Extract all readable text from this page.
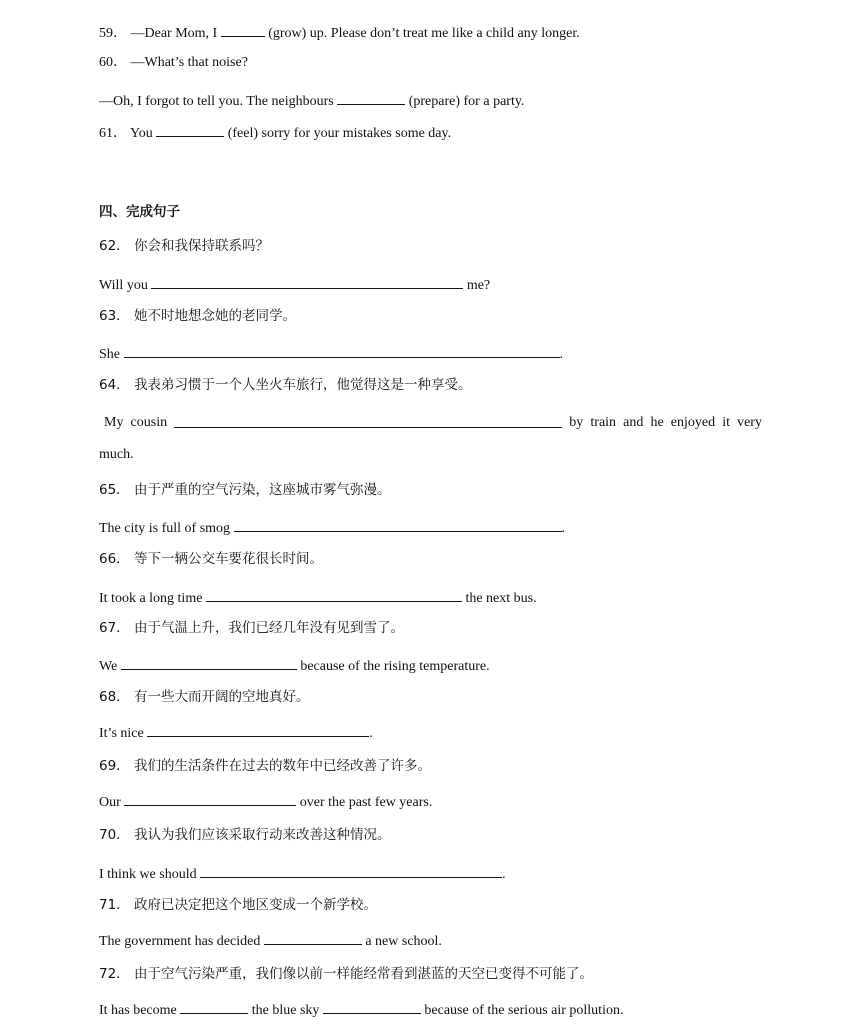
59． —Dear Mom, I	(grow) up. Please don’t treat me like a child any longer.
60． —What’s that noise?
—Oh, I forgot to tell you. The neighbours	(prepare) for a party.
61． You	(feel) sorry for your mistakes some day.
四、完成句子
62． 你会和我保持联系吗？
Will you	me?
63． 她不时地想念她的老同学。
She	.
64． 我表弟习惯于一个人坐火车旅行，他觉得这是一种享受。
My cousin	by train and he enjoyed it very
much.
65． 由于严重的空气污染，这座城市雾气弥漫。
The city is full of smog	.
66． 等下一辆公交车要花很长时间。
It took a long time	the next bus.
67． 由于气温上升，我们已经几年没有见到雪了。
We	because of the rising temperature.
68． 有一些大而开阔的空地真好。
It’s nice	.
69． 我们的生活条件在过去的数年中已经改善了许多。
Our	over the past few years.
70． 我认为我们应该采取行动来改善这种情况。
I think we should	.
71． 政府已决定把这个地区变成一个新学校。
The government has decided	a new school.
72． 由于空气污染严重，我们像以前一样能经常看到湛蓝的天空已变得不可能了。
It has become	the blue sky	because of the serious air pollution.
